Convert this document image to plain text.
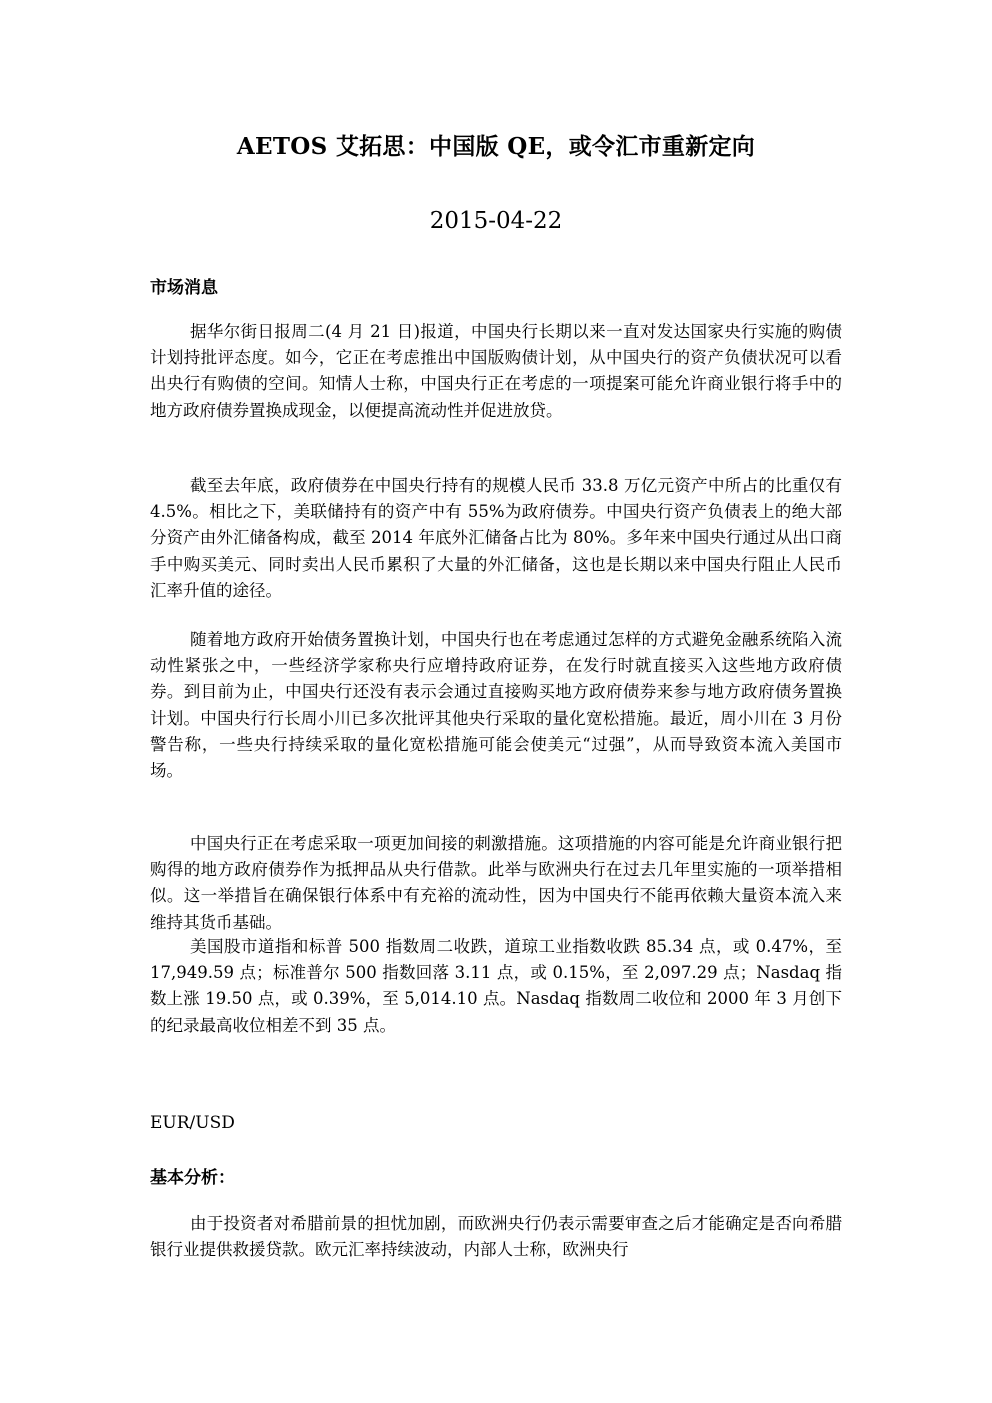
AETOS 艾拓思：中国版 QE，或令汇市重新定向
2015-04-22
市场消息

据华尔街日报周二(4 月 21 日)报道，中国央行长期以来一直对发达国家央行实施的购债计划持批评态度。如今，它正在考虑推出中国版购债计划，从中国央行的资产负债状况可以看出央行有购债的空间。知情人士称，中国央行正在考虑的一项提案可能允许商业银行将手中的地方政府债券置换成现金，以便提高流动性并促进放贷。

截至去年底，政府债券在中国央行持有的规模人民币 33.8 万亿元资产中所占的比重仅有 4.5%。相比之下，美联储持有的资产中有 55%为政府债券。中国央行资产负债表上的绝大部分资产由外汇储备构成，截至 2014 年底外汇储备占比为 80%。多年来中国央行通过从出口商手中购买美元、同时卖出人民币累积了大量的外汇储备，这也是长期以来中国央行阻止人民币汇率升值的途径。

随着地方政府开始债务置换计划，中国央行也在考虑通过怎样的方式避免金融系统陷入流动性紧张之中，一些经济学家称央行应增持政府证券，在发行时就直接买入这些地方政府债券。到目前为止，中国央行还没有表示会通过直接购买地方政府债券来参与地方政府债务置换计划。中国央行行长周小川已多次批评其他央行采取的量化宽松措施。最近，周小川在 3 月份警告称，一些央行持续采取的量化宽松措施可能会使美元“过强”，从而导致资本流入美国市场。

中国央行正在考虑采取一项更加间接的刺激措施。这项措施的内容可能是允许商业银行把购得的地方政府债券作为抵押品从央行借款。此举与欧洲央行在过去几年里实施的一项举措相似。这一举措旨在确保银行体系中有充裕的流动性，因为中国央行不能再依赖大量资本流入来维持其货币基础。

美国股市道指和标普 500 指数周二收跌，道琼工业指数收跌 85.34 点，或 0.47%，至 17,949.59 点；标准普尔 500 指数回落 3.11 点，或 0.15%，至 2,097.29 点；Nasdaq 指数上涨 19.50 点，或 0.39%，至 5,014.10 点。Nasdaq 指数周二收位和 2000 年 3 月创下的纪录最高收位相差不到 35 点。

EUR/USD
基本分析：

由于投资者对希腊前景的担忧加剧，而欧洲央行仍表示需要审查之后才能确定是否向希腊银行业提供救援贷款。欧元汇率持续波动，内部人士称，欧洲央行
